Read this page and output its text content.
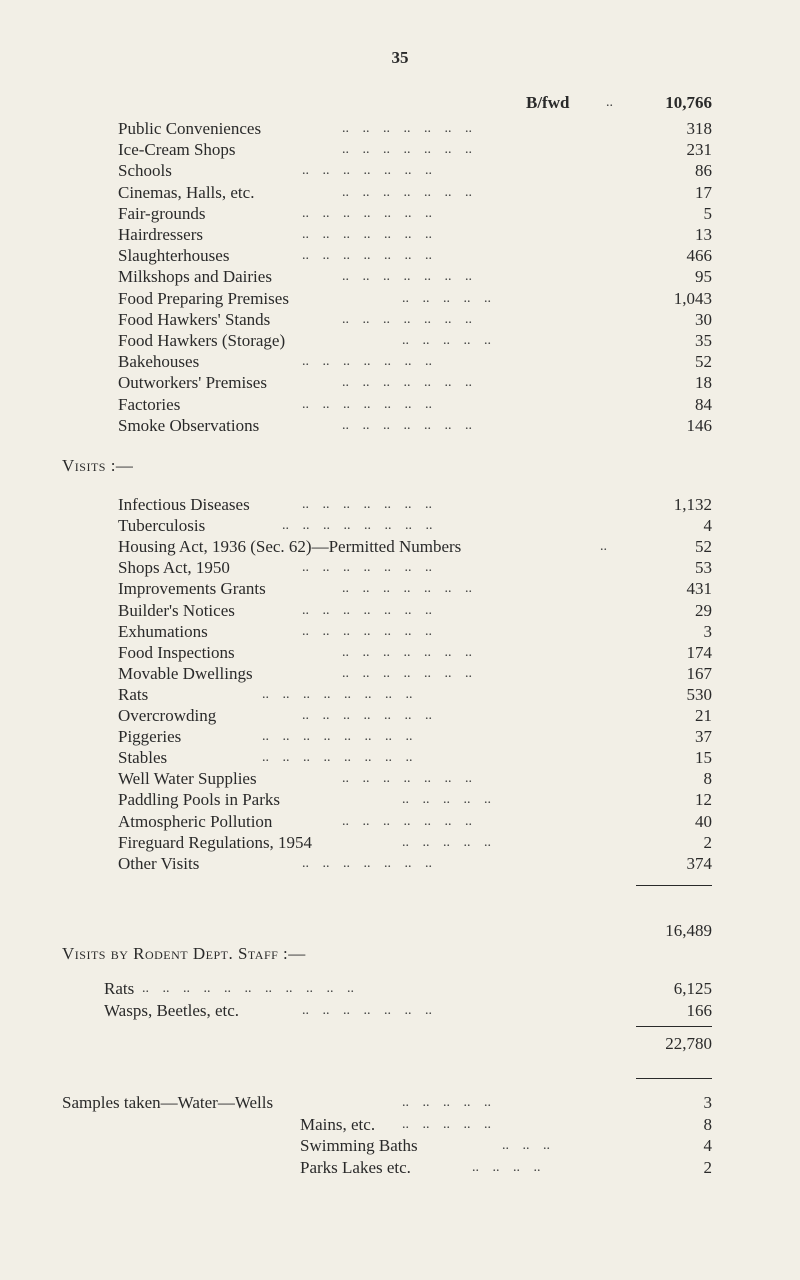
35
B/fwd	..	10,766
Public Conveniences	.. .. .. .. .. .. ..	318
Ice-Cream Shops	.. .. .. .. .. .. ..	231
Schools	.. .. .. .. .. .. ..	86
Cinemas, Halls, etc.	.. .. .. .. .. .. ..	17
Fair-grounds	.. .. .. .. .. .. ..	5
Hairdressers	.. .. .. .. .. .. ..	13
Slaughterhouses	.. .. .. .. .. .. ..	466
Milkshops and Dairies	.. .. .. .. .. .. ..	95
Food Preparing Premises	.. .. .. .. ..	1,043
Food Hawkers' Stands	.. .. .. .. .. .. ..	30
Food Hawkers (Storage)	.. .. .. .. ..	35
Bakehouses	.. .. .. .. .. .. ..	52
Outworkers' Premises	.. .. .. .. .. .. ..	18
Factories	.. .. .. .. .. .. ..	84
Smoke Observations	.. .. .. .. .. .. ..	146
Visits :—
Infectious Diseases	.. .. .. .. .. .. ..	1,132
Tuberculosis	.. .. .. .. .. .. .. ..	4
Housing Act, 1936 (Sec. 62)—Permitted Numbers	..	52
Shops Act, 1950	.. .. .. .. .. .. ..	53
Improvements Grants	.. .. .. .. .. .. ..	431
Builder's Notices	.. .. .. .. .. .. ..	29
Exhumations	.. .. .. .. .. .. ..	3
Food Inspections	.. .. .. .. .. .. ..	174
Movable Dwellings	.. .. .. .. .. .. ..	167
Rats	.. .. .. .. .. .. .. ..	530
Overcrowding	.. .. .. .. .. .. ..	21
Piggeries	.. .. .. .. .. .. .. ..	37
Stables	.. .. .. .. .. .. .. ..	15
Well Water Supplies	.. .. .. .. .. .. ..	8
Paddling Pools in Parks	.. .. .. .. ..	12
Atmospheric Pollution	.. .. .. .. .. .. ..	40
Fireguard Regulations, 1954	.. .. .. .. ..	2
Other Visits	.. .. .. .. .. .. ..	374
16,489
Visits by Rodent Dept. Staff :—
Rats .. .. .. .. .. .. .. .. .. .. ..	6,125
Wasps, Beetles, etc.	.. .. .. .. .. .. ..	166
22,780
Samples taken—Water—Wells	.. .. .. .. ..	3
Mains, etc. .. .. .. .. ..	8
Swimming Baths	.. .. ..	4
Parks Lakes etc.	.. .. .. ..	2
